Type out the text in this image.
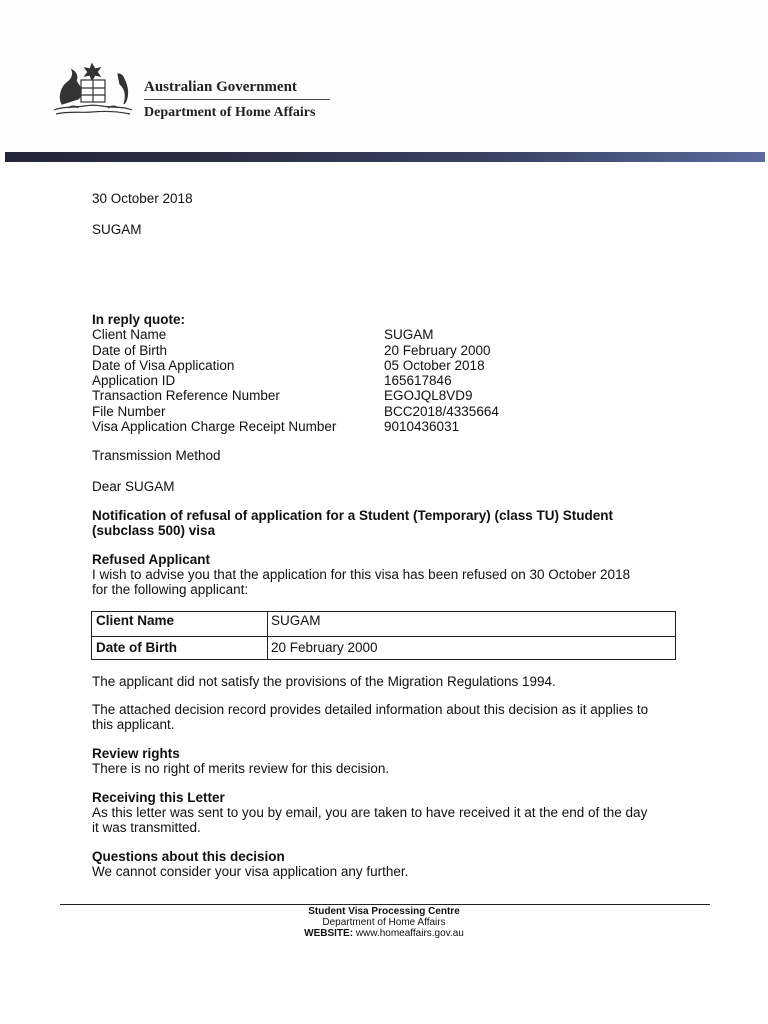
Australian Government
Department of Home Affairs
30 October 2018
SUGAM
In reply quote:
Client Name	SUGAM
Date of Birth	20 February 2000
Date of Visa Application	05 October 2018
Application ID	165617846
Transaction Reference Number	EGOJQL8VD9
File Number	BCC2018/4335664
Visa Application Charge Receipt Number	9010436031
Transmission Method
Dear SUGAM
Notification of refusal of application for a Student (Temporary) (class TU) Student
(subclass 500) visa
Refused Applicant
I wish to advise you that the application for this visa has been refused on 30 October 2018
for the following applicant:
Client Name	SUGAM
Date of Birth	20 February 2000
The applicant did not satisfy the provisions of the Migration Regulations 1994.
The attached decision record provides detailed information about this decision as it applies to
this applicant.
Review rights
There is no right of merits review for this decision.
Receiving this Letter
As this letter was sent to you by email, you are taken to have received it at the end of the day
it was transmitted.
Questions about this decision
We cannot consider your visa application any further.
Student Visa Processing Centre
Department of Home Affairs
WEBSITE: www.homeaffairs.gov.au
